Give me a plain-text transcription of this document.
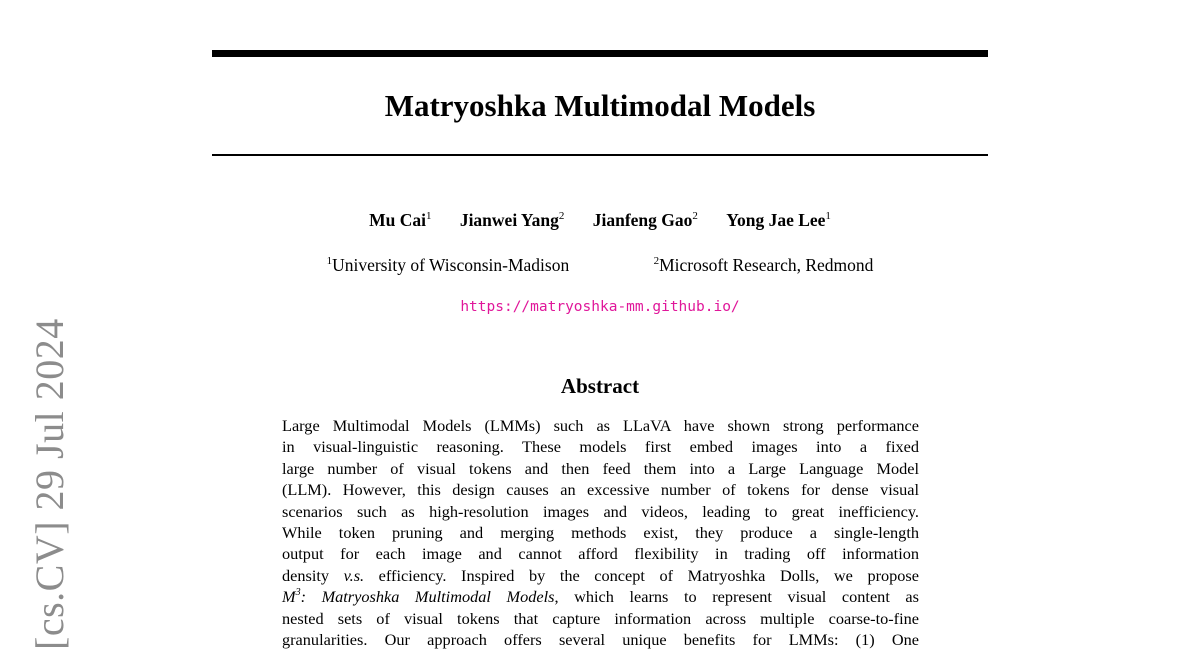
[cs.CV] 29 Jul 2024
Matryoshka Multimodal Models
Mu Cai$^1$ Jianwei Yang$^2$ Jianfeng Gao$^2$ Yong Jae Lee$^1$
$^1$University of Wisconsin-Madison	$^2$Microsoft Research, Redmond
https://matryoshka-mm.github.io/
Abstract
Large Multimodal Models (LMMs) such as LLaVA have shown strong performance
in visual-linguistic reasoning. These models first embed images into a fixed
large number of visual tokens and then feed them into a Large Language Model
(LLM). However, this design causes an excessive number of tokens for dense visual
scenarios such as high-resolution images and videos, leading to great inefficiency.
While token pruning and merging methods exist, they produce a single-length
output for each image and cannot afford flexibility in trading off information
density v.s. efficiency. Inspired by the concept of Matryoshka Dolls, we propose
$M^3$: Matryoshka Multimodal Models, which learns to represent visual content as
nested sets of visual tokens that capture information across multiple coarse-to-fine
granularities. Our approach offers several unique benefits for LMMs: (1) One
